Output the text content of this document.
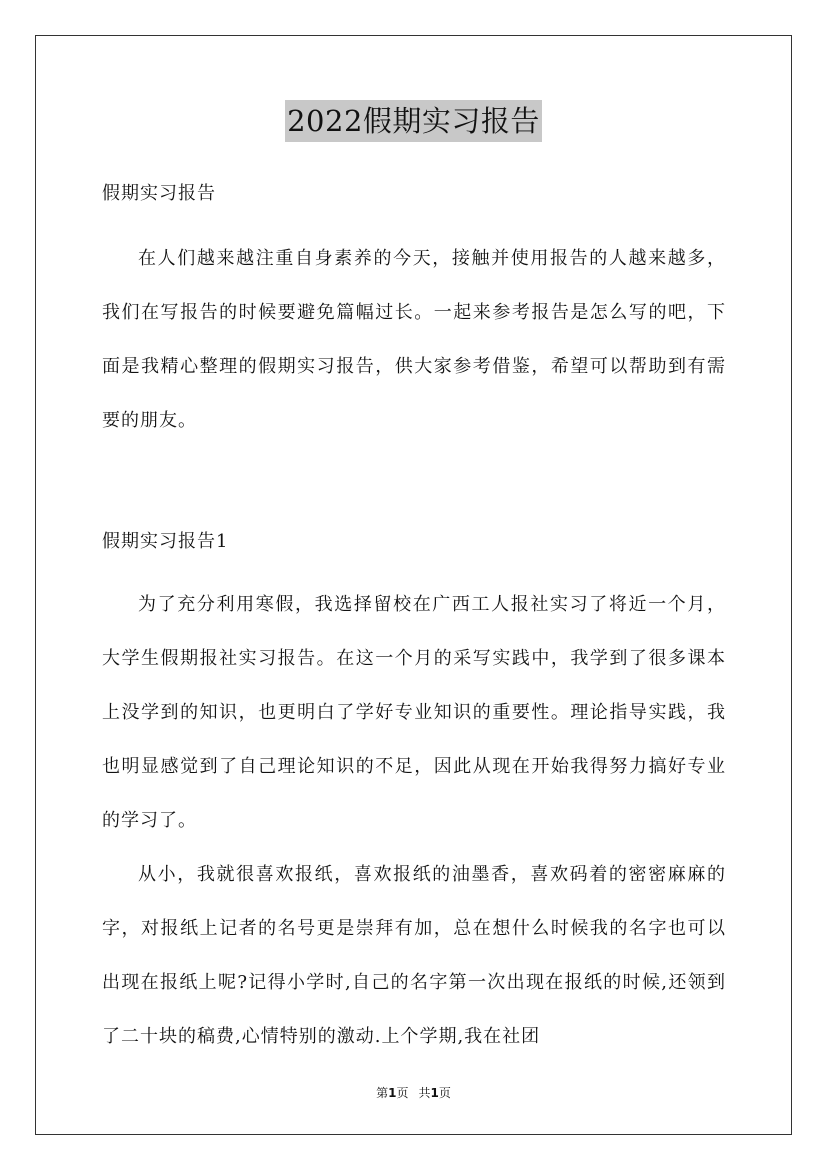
2022假期实习报告

假期实习报告

在人们越来越注重自身素养的今天，接触并使用报告的人越来越多，我们在写报告的时候要避免篇幅过长。一起来参考报告是怎么写的吧，下面是我精心整理的假期实习报告，供大家参考借鉴，希望可以帮助到有需要的朋友。

假期实习报告1

为了充分利用寒假，我选择留校在广西工人报社实习了将近一个月，大学生假期报社实习报告。在这一个月的采写实践中，我学到了很多课本上没学到的知识，也更明白了学好专业知识的重要性。理论指导实践，我也明显感觉到了自己理论知识的不足，因此从现在开始我得努力搞好专业的学习了。

从小，我就很喜欢报纸，喜欢报纸的油墨香，喜欢码着的密密麻麻的字，对报纸上记者的名号更是崇拜有加，总在想什么时候我的名字也可以出现在报纸上呢?记得小学时,自己的名字第一次出现在报纸的时候,还领到了二十块的稿费,心情特别的激动.上个学期,我在社团

第1页 共1页
